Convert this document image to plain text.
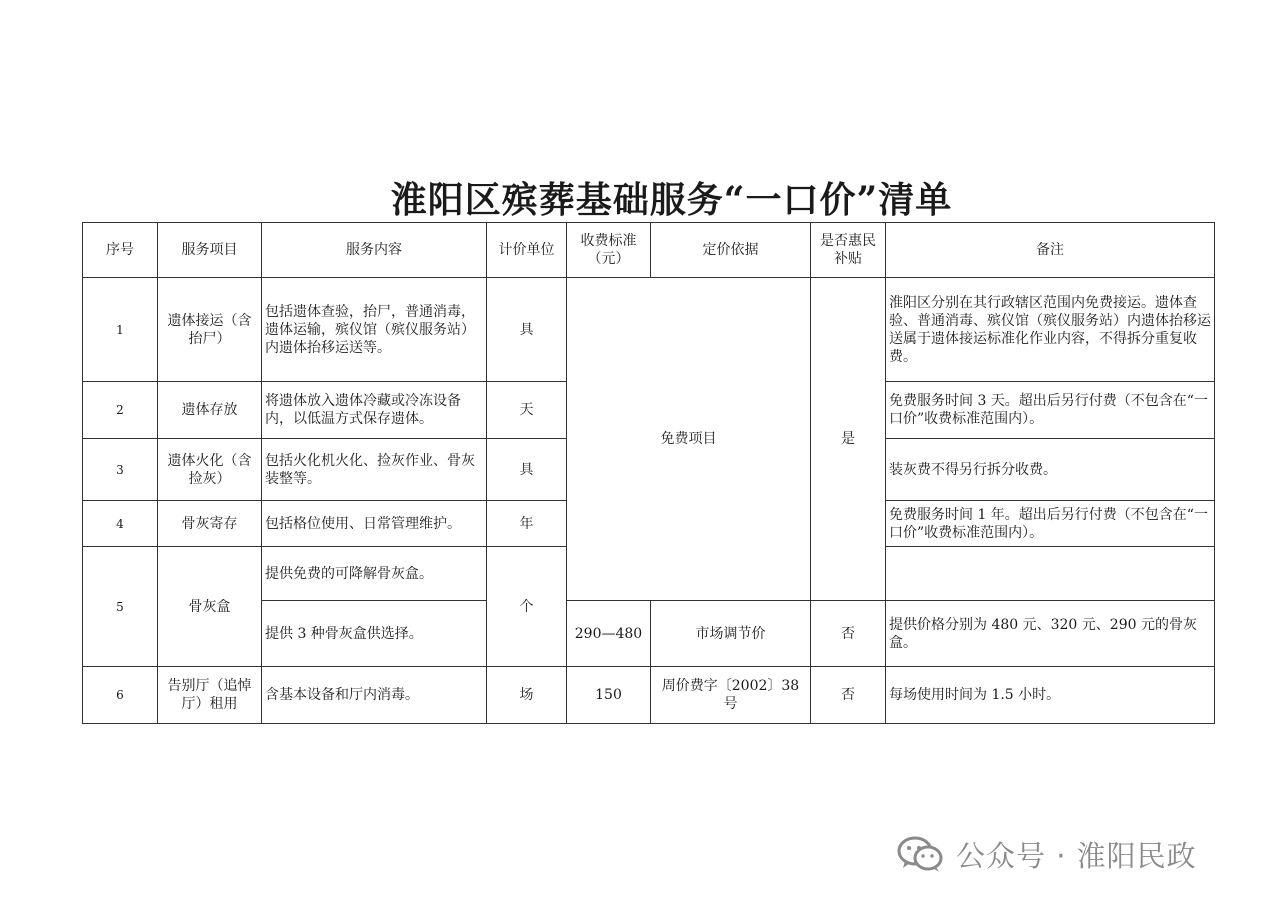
淮阳区殡葬基础服务“一口价”清单
序号	服务项目	服务内容	计价单位	收费标准（元）	定价依据	是否惠民补贴	备注
1	遗体接运（含抬尸）	包括遗体查验，抬尸，普通消毒，遗体运输，殡仪馆（殡仪服务站）内遗体抬移运送等。	具	免费项目		是	淮阳区分别在其行政辖区范围内免费接运。遗体查验、普通消毒、殡仪馆（殡仪服务站）内遗体抬移运送属于遗体接运标准化作业内容，不得拆分重复收费。
2	遗体存放	将遗体放入遗体冷藏或冷冻设备内，以低温方式保存遗体。	天				免费服务时间 3 天。超出后另行付费（不包含在“一口价”收费标准范围内）。
3	遗体火化（含捡灰）	包括火化机火化、捡灰作业、骨灰装整等。	具				装灰费不得另行拆分收费。
4	骨灰寄存	包括格位使用、日常管理维护。	年				免费服务时间 1 年。超出后另行付费（不包含在“一口价”收费标准范围内）。
5	骨灰盒	提供免费的可降解骨灰盒。	个				
		提供 3 种骨灰盒供选择。		290—480	市场调节价	否	提供价格分别为 480 元、320 元、290 元的骨灰盒。
6	告别厅（追悼厅）租用	含基本设备和厅内消毒。	场	150	周价费字〔2002〕38 号	否	每场使用时间为 1.5 小时。
公众号 · 淮阳民政
